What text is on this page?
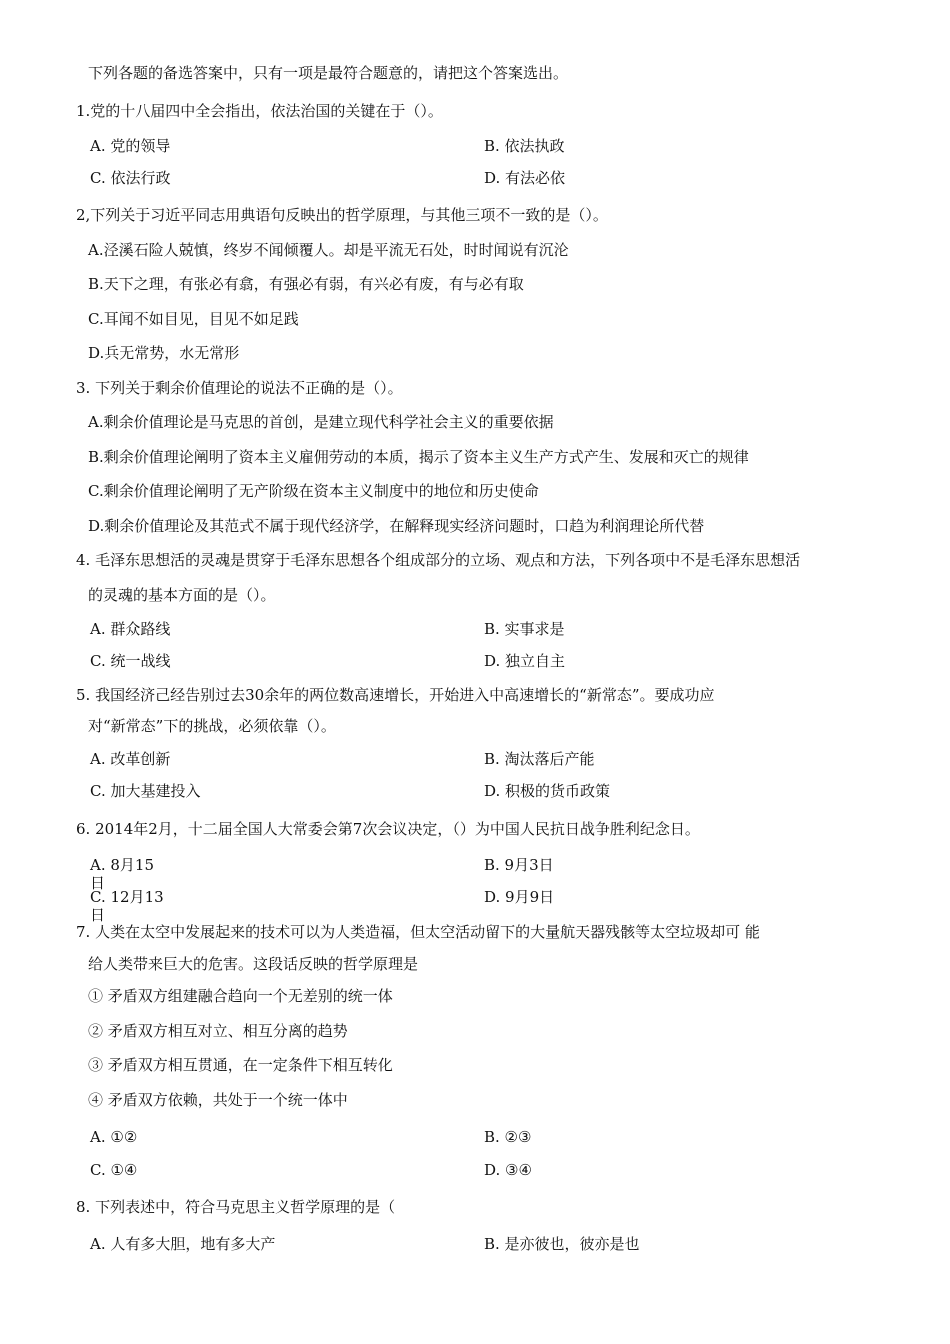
下列各题的备选答案中，只有一项是最符合题意的，请把这个答案选出。
1.党的十八届四中全会指出，依法治国的关键在于（）。
A. 党的领导	B. 依法执政
C. 依法行政	D. 有法必依
2,下列关于习近平同志用典语句反映出的哲学原理，与其他三项不一致的是（）。
A.泾溪石险人兢慎，终岁不闻倾覆人。却是平流无石处，时时闻说有沉沦
B.天下之理，有张必有翕，有强必有弱，有兴必有废，有与必有取
C.耳闻不如目见，目见不如足践
D.兵无常势，水无常形
3. 下列关于剩余价值理论的说法不正确的是（）。
A.剩余价值理论是马克思的首创，是建立现代科学社会主义的重要依据
B.剩余价值理论阐明了资本主义雇佣劳动的本质，揭示了资本主义生产方式产生、发展和灭亡的规律
C.剩余价值理论阐明了无产阶级在资本主义制度中的地位和历史使命
D.剩余价值理论及其范式不属于现代经济学，在解释现实经济问题时，口趋为利润理论所代替
4. 毛泽东思想活的灵魂是贯穿于毛泽东思想各个组成部分的立场、观点和方法，下列各项中不是毛泽东思想活
的灵魂的基本方面的是（）。
A. 群众路线	B. 实事求是
C. 统一战线	D. 独立自主
5. 我国经济己经告别过去30余年的两位数高速增长，开始进入中高速增长的“新常态”。要成功应
对“新常态”下的挑战，必须依靠（）。
A. 改革创新	B. 淘汰落后产能
C. 加大基建投入	D. 积极的货币政策
6. 2014年2月，十二届全国人大常委会第7次会议决定，（）为中国人民抗日战争胜利纪念日。
A. 8月15日
B. 9月3日
C. 12月13日
D. 9月9日
7. 人类在太空中发展起来的技术可以为人类造福，但太空活动留下的大量航天器残骸等太空垃圾却可 能
给人类带来巨大的危害。这段话反映的哲学原理是
① 矛盾双方组建融合趋向一个无差别的统一体
② 矛盾双方相互对立、相互分离的趋势
③ 矛盾双方相互贯通，在一定条件下相互转化
④ 矛盾双方依赖，共处于一个统一体中
A. ①②	B. ②③
C. ①④	D. ③④
8. 下列表述中，符合马克思主义哲学原理的是（
A. 人有多大胆，地有多大产	B. 是亦彼也，彼亦是也
